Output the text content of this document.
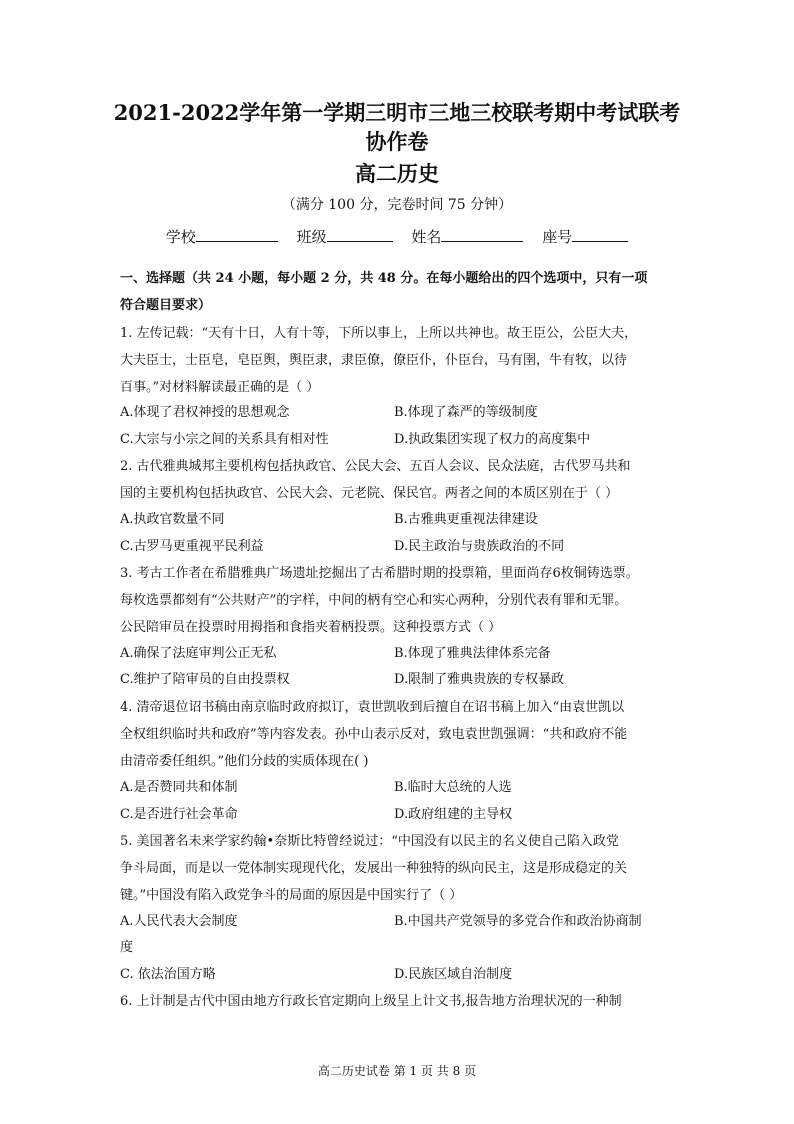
2021-2022学年第一学期三明市三地三校联考期中考试联考
协作卷
高二历史
（满分 100 分，完卷时间 75 分钟）
学校	班级	姓名	座号
一、选择题（共 24 小题，每小题 2 分，共 48 分。在每小题给出的四个选项中，只有一项
符合题目要求）
1. 左传记载：“天有十日，人有十等，下所以事上，上所以共神也。故王臣公，公臣大夫，
大夫臣士，士臣皂，皂臣舆，舆臣隶，隶臣僚，僚臣仆，仆臣台，马有圉，牛有牧，以待
百事。”对材料解读最正确的是（ ）
A.体现了君权神授的思想观念	B.体现了森严的等级制度
C.大宗与小宗之间的关系具有相对性	D.执政集团实现了权力的高度集中
2. 古代雅典城邦主要机构包括执政官、公民大会、五百人会议、民众法庭，古代罗马共和
国的主要机构包括执政官、公民大会、元老院、保民官。两者之间的本质区别在于（ ）
A.执政官数量不同	B.古雅典更重视法律建设
C.古罗马更重视平民利益	D.民主政治与贵族政治的不同
3. 考古工作者在希腊雅典广场遗址挖掘出了古希腊时期的投票箱，里面尚存6枚铜铸选票。
每枚选票都刻有“公共财产”的字样，中间的柄有空心和实心两种，分别代表有罪和无罪。
公民陪审员在投票时用拇指和食指夹着柄投票。这种投票方式（ ）
A.确保了法庭审判公正无私	B.体现了雅典法律体系完备
C.维护了陪审员的自由投票权	D.限制了雅典贵族的专权暴政
4. 清帝退位诏书稿由南京临时政府拟订，袁世凯收到后擅自在诏书稿上加入“由袁世凯以
全权组织临时共和政府”等内容发表。孙中山表示反对，致电袁世凯强调：“共和政府不能
由清帝委任组织。”他们分歧的实质体现在( )
A.是否赞同共和体制	B.临时大总统的人选
C.是否进行社会革命	D.政府组建的主导权
5. 美国著名未来学家约翰•奈斯比特曾经说过：“中国没有以民主的名义使自己陷入政党
争斗局面，而是以一党体制实现现代化，发展出一种独特的纵向民主，这是形成稳定的关
键。”中国没有陷入政党争斗的局面的原因是中国实行了（ ）
A.人民代表大会制度	B.中国共产党领导的多党合作和政治协商制
度
C. 依法治国方略	D.民族区域自治制度
6. 上计制是古代中国由地方行政长官定期向上级呈上计文书,报告地方治理状况的一种制
高二历史试卷 第 1 页 共 8 页
